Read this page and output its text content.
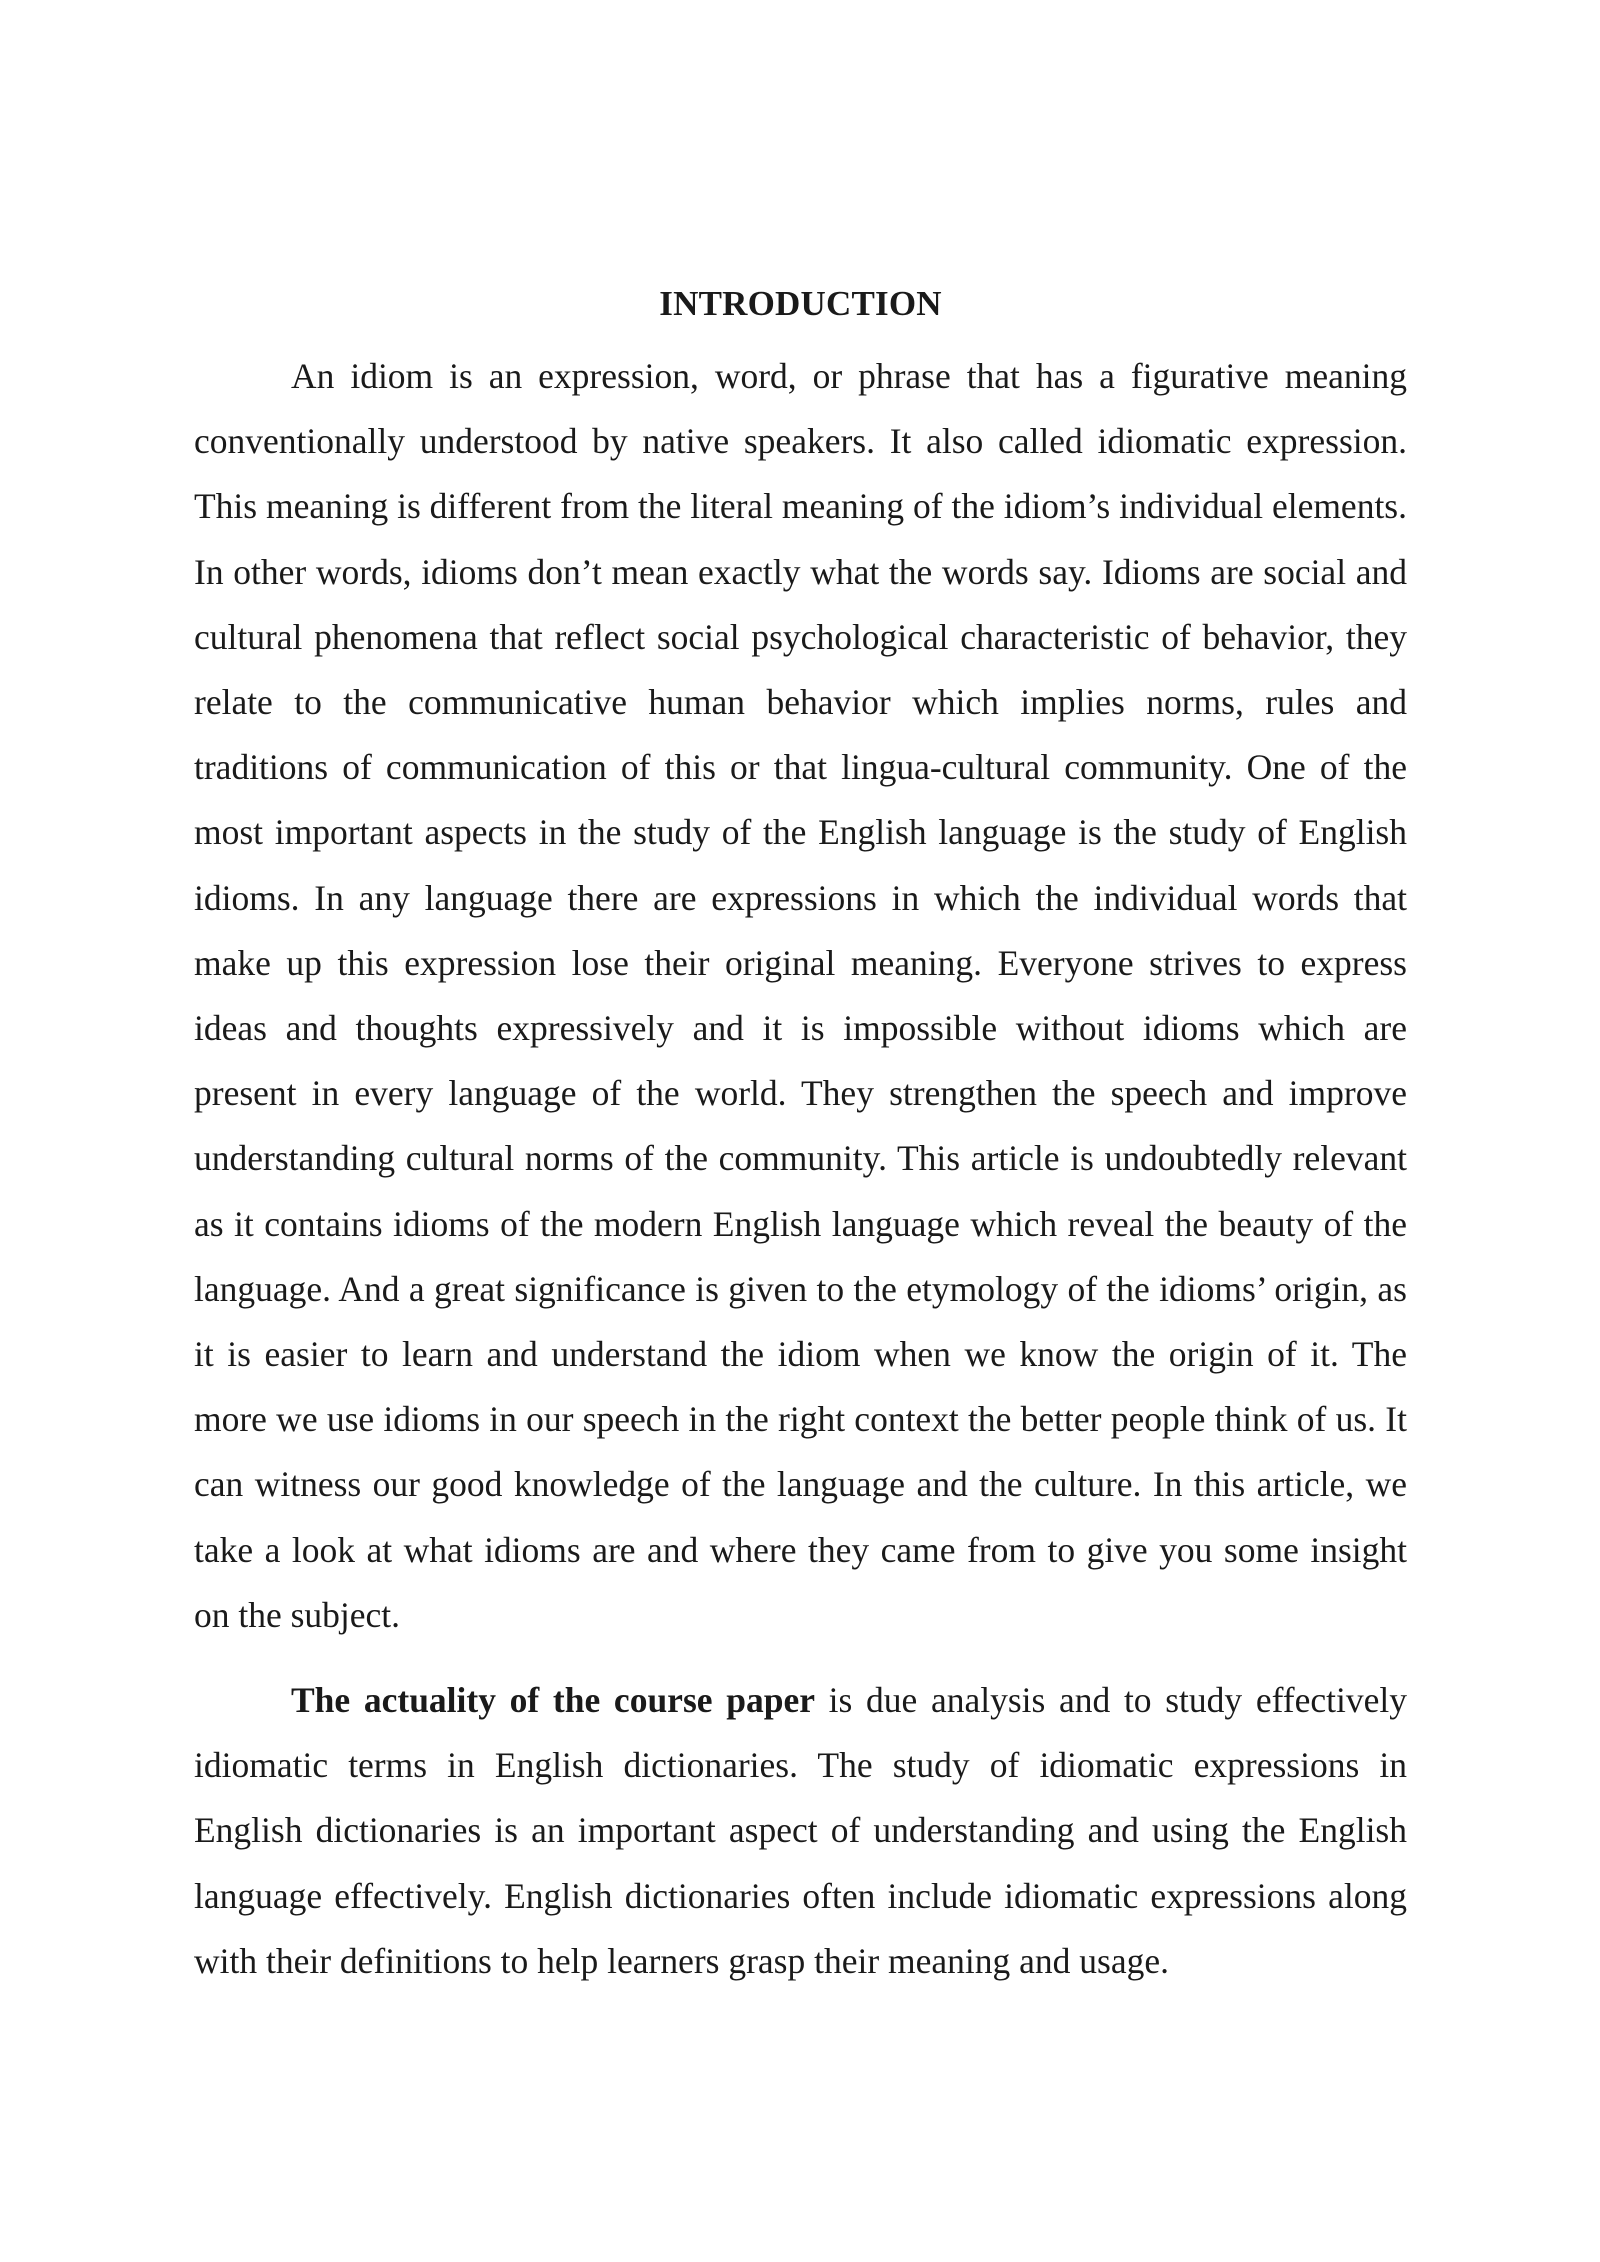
INTRODUCTION

An idiom is an expression, word, or phrase that has a figurative meaning conventionally understood by native speakers. It also called idiomatic expression. This meaning is different from the literal meaning of the idiom’s individual elements. In other words, idioms don’t mean exactly what the words say. Idioms are social and cultural phenomena that reflect social psychological characteristic of behavior, they relate to the communicative human behavior which implies norms, rules and traditions of communication of this or that lingua-cultural community. One of the most important aspects in the study of the English language is the study of English idioms. In any language there are expressions in which the individual words that make up this expression lose their original meaning. Everyone strives to express ideas and thoughts expressively and it is impossible without idioms which are present in every language of the world. They strengthen the speech and improve understanding cultural norms of the community. This article is undoubtedly relevant as it contains idioms of the modern English language which reveal the beauty of the language. And a great significance is given to the etymology of the idioms’ origin, as it is easier to learn and understand the idiom when we know the origin of it. The more we use idioms in our speech in the right context the better people think of us. It can witness our good knowledge of the language and the culture. In this article, we take a look at what idioms are and where they came from to give you some insight on the subject.

The actuality of the course paper is due analysis and to study effectively idiomatic terms in English dictionaries. The study of idiomatic expressions in English dictionaries is an important aspect of understanding and using the English language effectively. English dictionaries often include idiomatic expressions along with their definitions to help learners grasp their meaning and usage.
